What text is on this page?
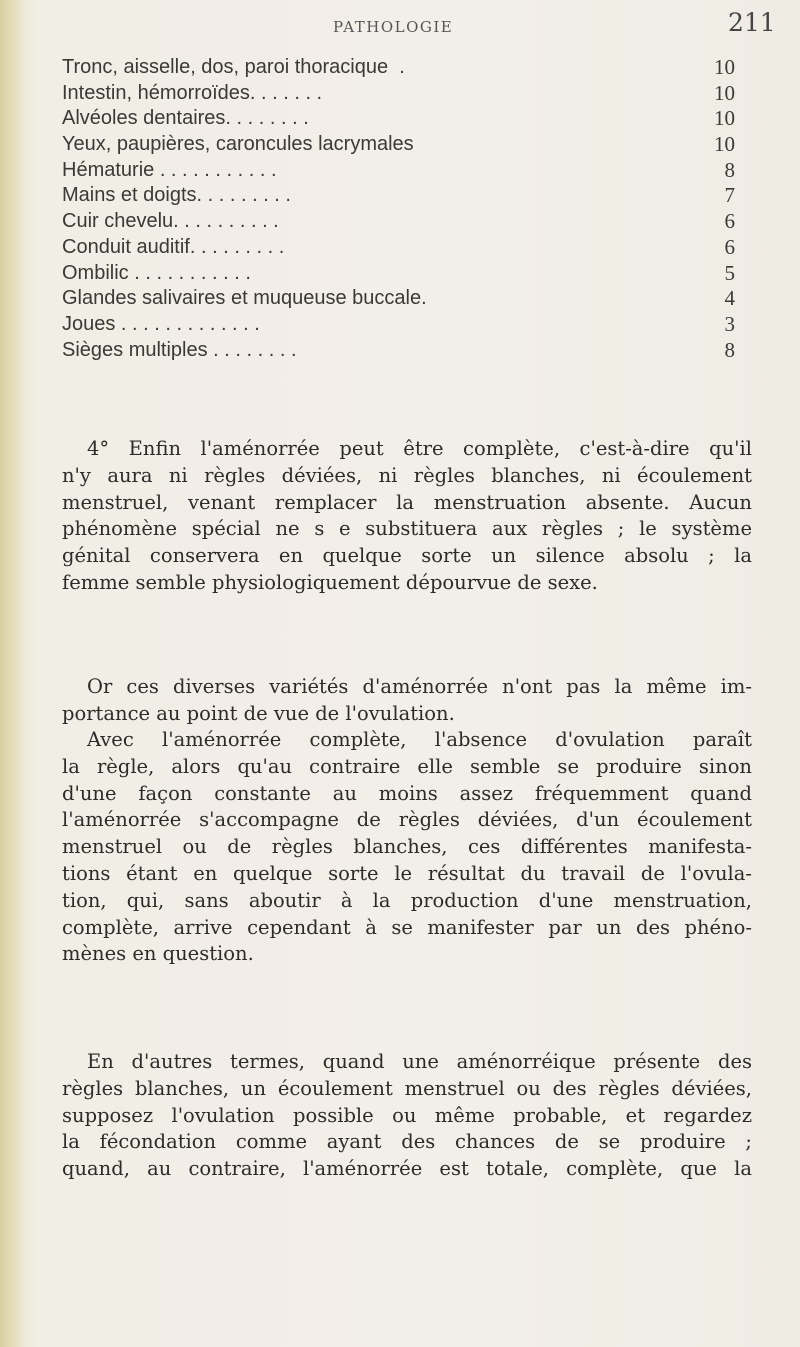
PATHOLOGIE	211
Tronc, aisselle, dos, paroi thoracique  .	10
Intestin, hémorroïdes. . . . . . .	10
Alvéoles dentaires. . . . . . . .	10
Yeux, paupières, caroncules lacrymales	10
Hématurie . . . . . . . . . . .	8
Mains et doigts. . . . . . . . .	7
Cuir chevelu. . . . . . . . . .	6
Conduit auditif. . . . . . . . .	6
Ombilic . . . . . . . . . . .	5
Glandes salivaires et muqueuse buccale.	4
Joues . . . . . . . . . . . . .	3
Sièges multiples . . . . . . . .	8
4° Enfin l'aménorrée peut être complète, c'est-à-dire qu'il
n'y aura ni règles déviées, ni règles blanches, ni écoulement
menstruel, venant remplacer la menstruation absente. Aucun
phénomène spécial ne s e substituera aux règles ; le système
génital conservera en quelque sorte un silence absolu ; la
femme semble physiologiquement dépourvue de sexe.
Or ces diverses variétés d'aménorrée n'ont pas la même im-
portance au point de vue de l'ovulation.
Avec l'aménorrée complète, l'absence d'ovulation paraît
la règle, alors qu'au contraire elle semble se produire sinon
d'une façon constante au moins assez fréquemment quand
l'aménorrée s'accompagne de règles déviées, d'un écoulement
menstruel ou de règles blanches, ces différentes manifesta-
tions étant en quelque sorte le résultat du travail de l'ovula-
tion, qui, sans aboutir à la production d'une menstruation,
complète, arrive cependant à se manifester par un des phéno-
mènes en question.
En d'autres termes, quand une aménorréique présente des
règles blanches, un écoulement menstruel ou des règles déviées,
supposez l'ovulation possible ou même probable, et regardez
la fécondation comme ayant des chances de se produire ;
quand, au contraire, l'aménorrée est totale, complète, que la
